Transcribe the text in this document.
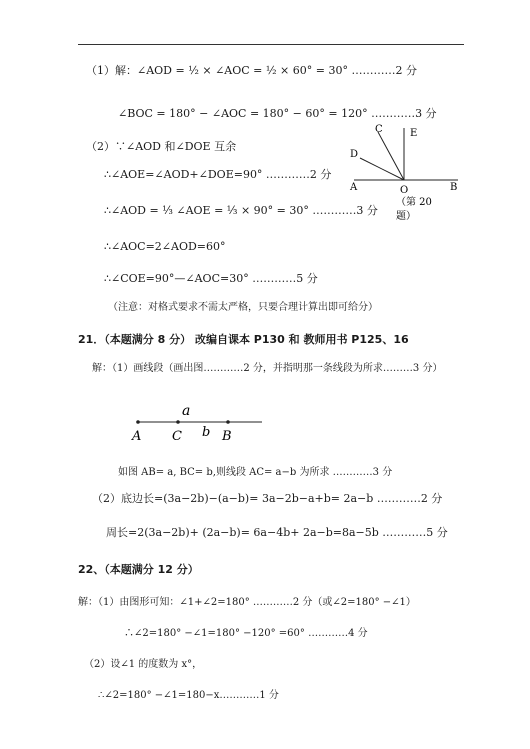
（1）解：∠AOD = ½ × ∠AOC = ½ × 60° = 30° …………2 分
∠BOC = 180° − ∠AOC = 180° − 60° = 120° …………3 分
（2）∵∠AOD 和∠DOE 互余
∴∠AOE=∠AOD+∠DOE=90° …………2 分
∴∠AOD = ⅓ ∠AOE = ⅓ × 90° = 30° …………3 分
∴∠AOC=2∠AOD=60°
∴∠COE=90°—∠AOC=30° …………5 分
（注意：对格式要求不需太严格，只要合理计算出即可给分）
C	E
D
A	O	B
（第 20
题）
21．（本题满分 8 分） 改编自课本 P130 和 教师用书 P125、16
解：（1）画线段（画出图…………2 分，并指明那一条线段为所求………3 分）
a
b
A C	B
如图 AB= a, BC= b,则线段 AC= a−b 为所求 …………3 分
（2）底边长=(3a−2b)−(a−b)= 3a−2b−a+b= 2a−b …………2 分
周长=2(3a−2b)+ (2a−b)= 6a−4b+ 2a−b=8a−5b …………5 分
22、（本题满分 12 分）
解：（1）由图形可知：∠1+∠2=180° …………2 分（或∠2=180° −∠1）
∴∠2=180° −∠1=180° −120° =60° …………4 分
（2）设∠1 的度数为 x°，
∴∠2=180° −∠1=180−x…………1 分
